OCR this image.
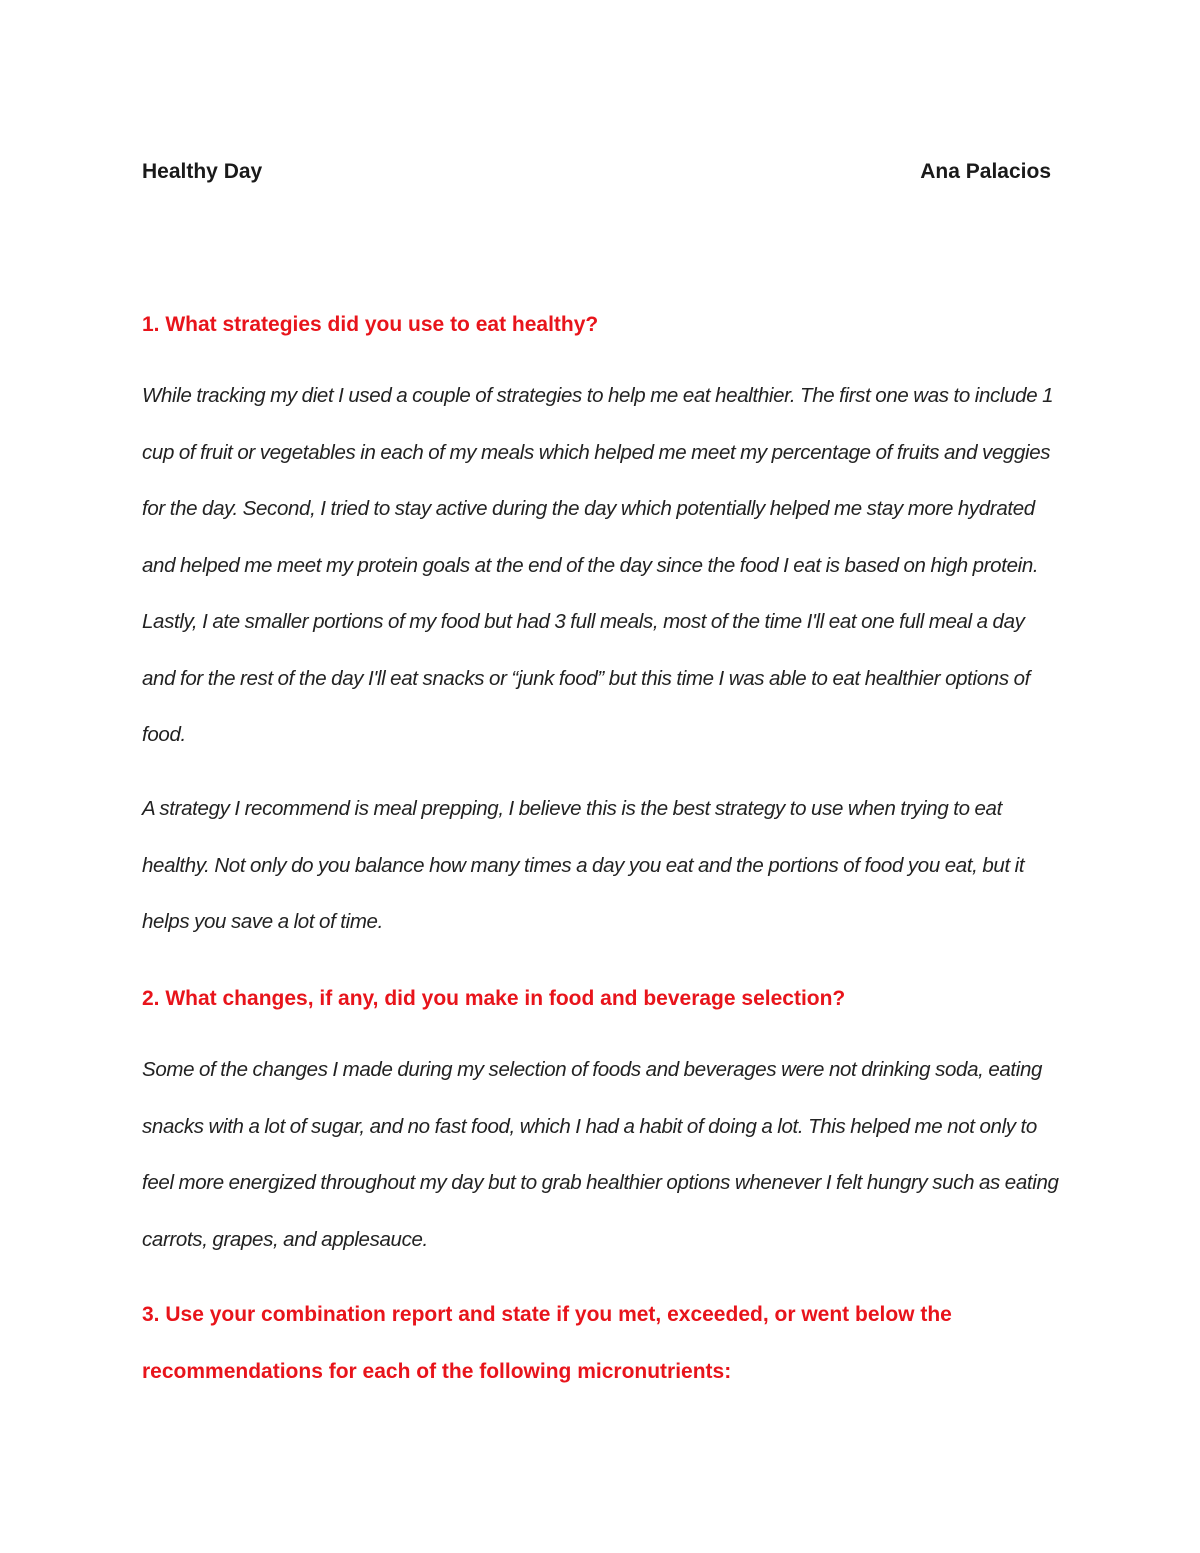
Healthy Day	Ana Palacios

1. What strategies did you use to eat healthy?

While tracking my diet I used a couple of strategies to help me eat healthier. The first one was to include 1 cup of fruit or vegetables in each of my meals which helped me meet my percentage of fruits and veggies for the day. Second, I tried to stay active during the day which potentially helped me stay more hydrated and helped me meet my protein goals at the end of the day since the food I eat is based on high protein. Lastly, I ate smaller portions of my food but had 3 full meals, most of the time I'll eat one full meal a day and for the rest of the day I'll eat snacks or “junk food” but this time I was able to eat healthier options of food.

A strategy I recommend is meal prepping, I believe this is the best strategy to use when trying to eat healthy. Not only do you balance how many times a day you eat and the portions of food you eat, but it helps you save a lot of time.

2. What changes, if any, did you make in food and beverage selection?

Some of the changes I made during my selection of foods and beverages were not drinking soda, eating snacks with a lot of sugar, and no fast food, which I had a habit of doing a lot. This helped me not only to feel more energized throughout my day but to grab healthier options whenever I felt hungry such as eating carrots, grapes, and applesauce.

3. Use your combination report and state if you met, exceeded, or went below the recommendations for each of the following micronutrients:
